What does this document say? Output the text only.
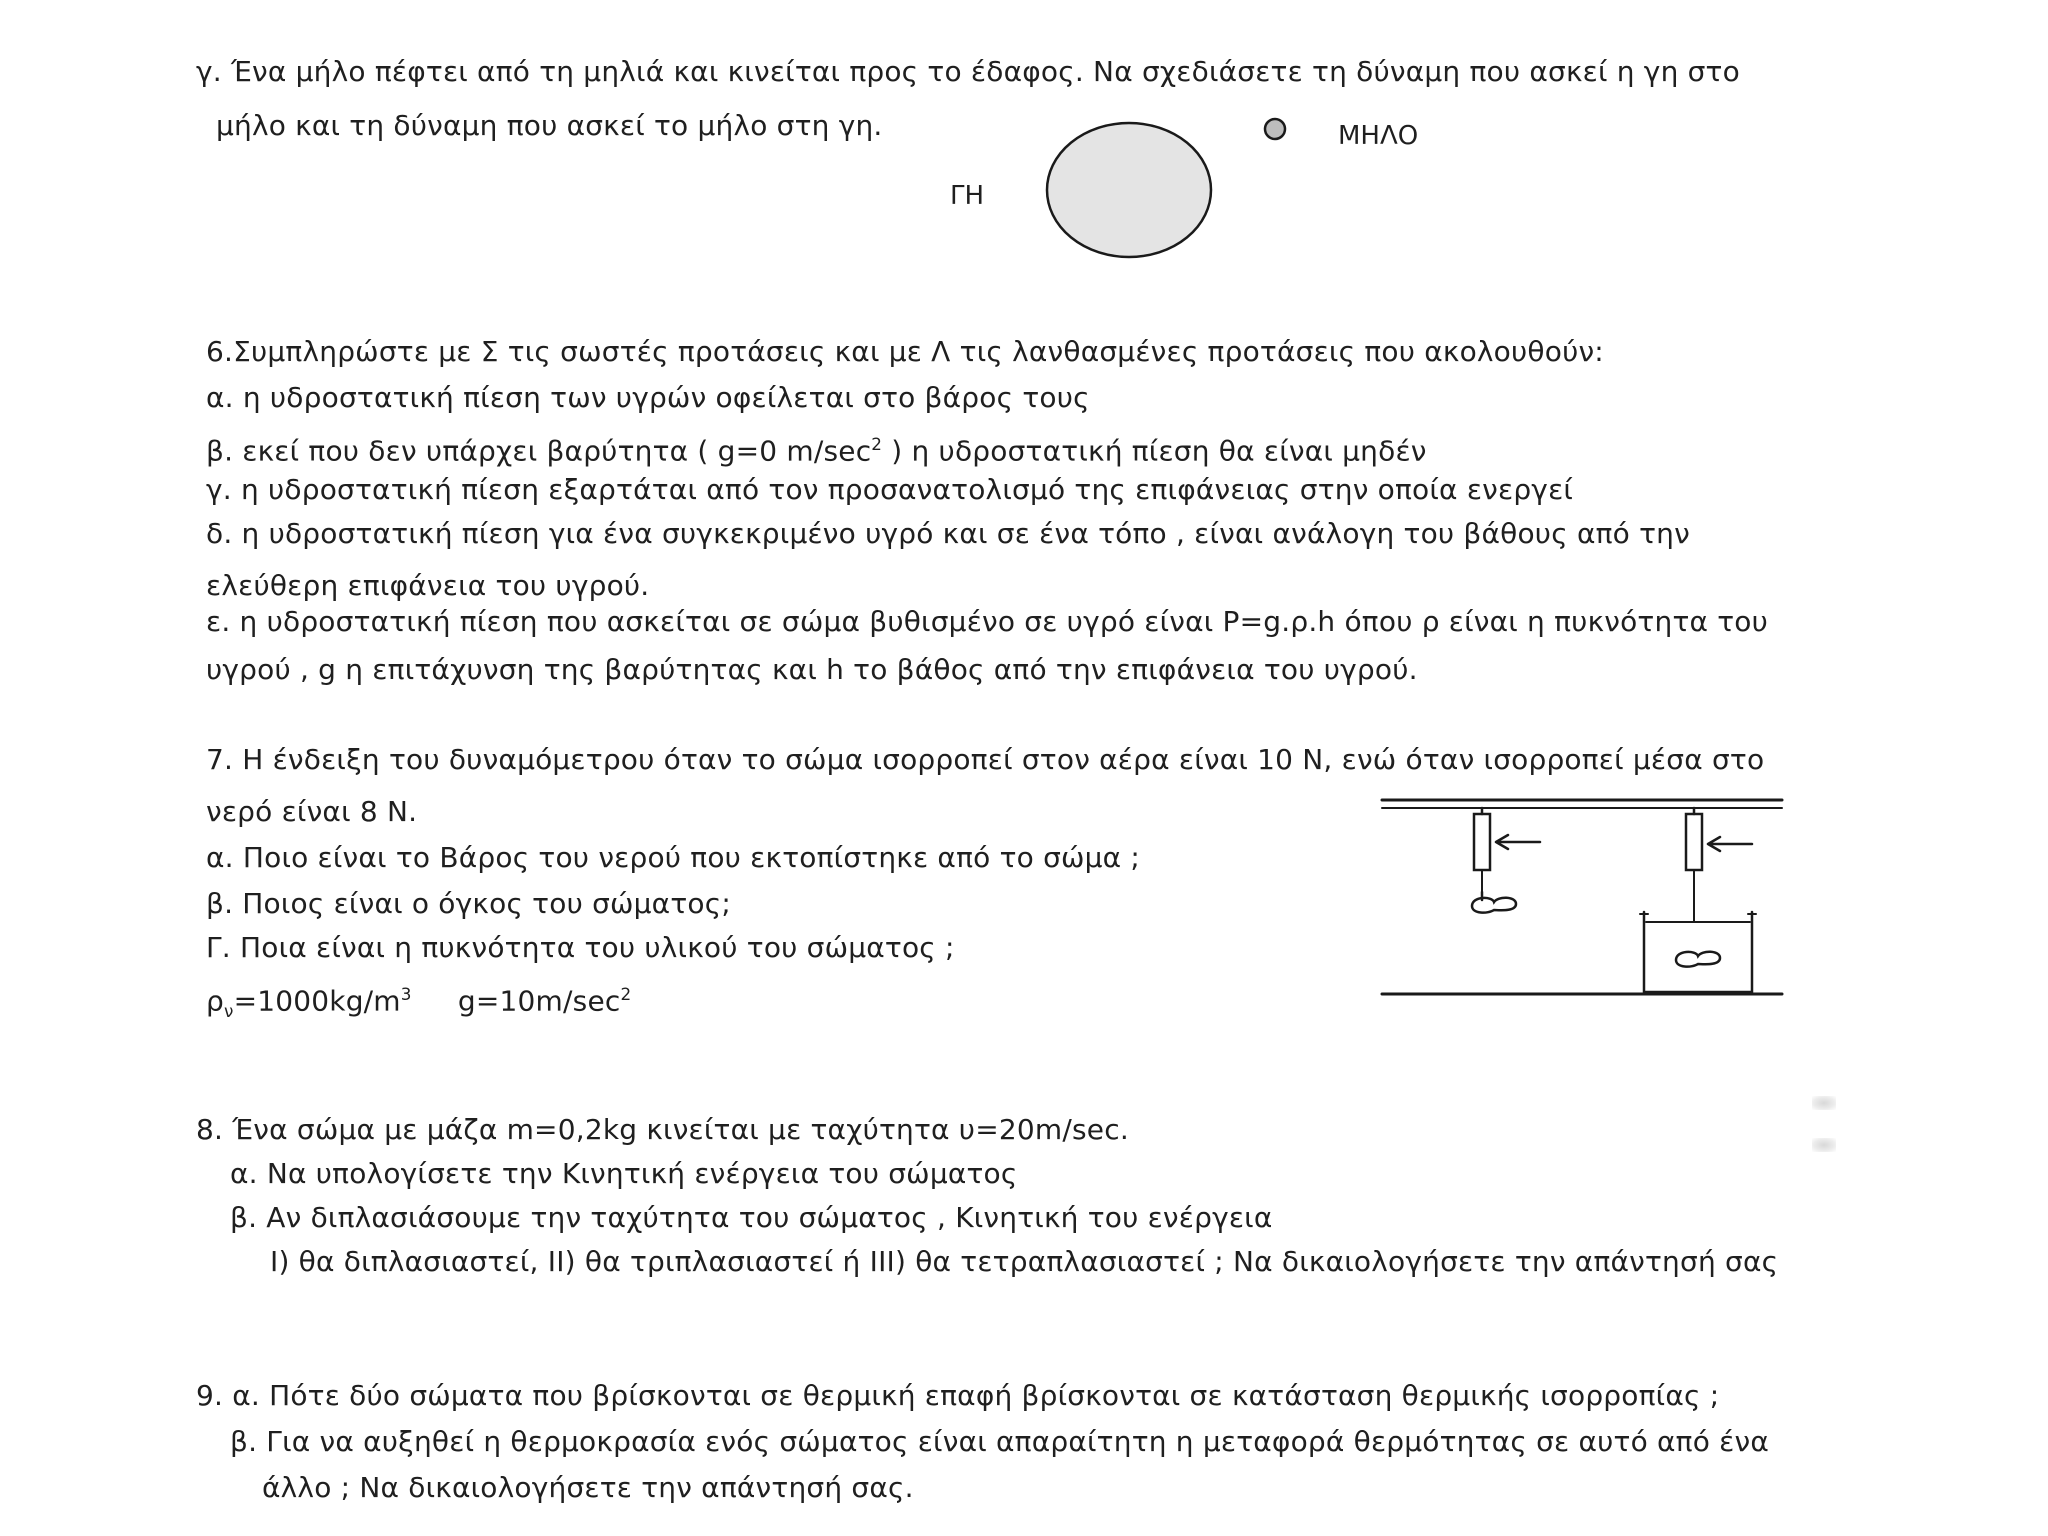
γ. Ένα μήλο πέφτει από τη μηλιά και κινείται προς το έδαφος. Να σχεδιάσετε τη δύναμη που ασκεί η γη στο
μήλο και τη δύναμη που ασκεί το μήλο στη γη.
ΓΗ
ΜΗΛΟ
6.Συμπληρώστε με Σ τις σωστές προτάσεις και με Λ τις λανθασμένες προτάσεις που ακολουθούν:
α. η υδροστατική πίεση των υγρών οφείλεται στο βάρος τους
β. εκεί που δεν υπάρχει βαρύτητα ( g=0 $m/\sec^2$ ) η υδροστατική πίεση θα είναι μηδέν
γ. η υδροστατική πίεση εξαρτάται από τον προσανατολισμό της επιφάνειας στην οποία ενεργεί
δ. η υδροστατική πίεση για ένα συγκεκριμένο υγρό και σε ένα τόπο , είναι ανάλογη του βάθους από την
ελεύθερη επιφάνεια του υγρού.
ε. η υδροστατική πίεση που ασκείται σε σώμα βυθισμένο σε υγρό είναι P=g.ρ.h όπου ρ είναι η πυκνότητα του
υγρού , g η επιτάχυνση της βαρύτητας και h το βάθος από την επιφάνεια του υγρού.
7. Η ένδειξη του δυναμόμετρου όταν το σώμα ισορροπεί στον αέρα είναι 10 Ν, ενώ όταν ισορροπεί μέσα στο
νερό είναι 8 Ν.
α. Ποιο είναι το Βάρος του νερού που εκτοπίστηκε από το σώμα ;
β. Ποιος είναι ο όγκος του σώματος;
Γ. Ποια είναι η πυκνότητα του υλικού του σώματος ;
$\rho_\nu=1000kg/m^3$ $g=10m/\sec^2$
8. Ένα σώμα με μάζα m=0,2kg κινείται με ταχύτητα υ=20m/sec.
α. Να υπολογίσετε την Κινητική ενέργεια του σώματος
β. Αν διπλασιάσουμε την ταχύτητα του σώματος , Κινητική του ενέργεια
Ι) θα διπλασιαστεί, ΙΙ) θα τριπλασιαστεί ή ΙΙΙ) θα τετραπλασιαστεί ; Να δικαιολογήσετε την απάντησή σας
9. α. Πότε δύο σώματα που βρίσκονται σε θερμική επαφή βρίσκονται σε κατάσταση θερμικής ισορροπίας ;
β. Για να αυξηθεί η θερμοκρασία ενός σώματος είναι απαραίτητη η μεταφορά θερμότητας σε αυτό από ένα
άλλο ; Να δικαιολογήσετε την απάντησή σας.
